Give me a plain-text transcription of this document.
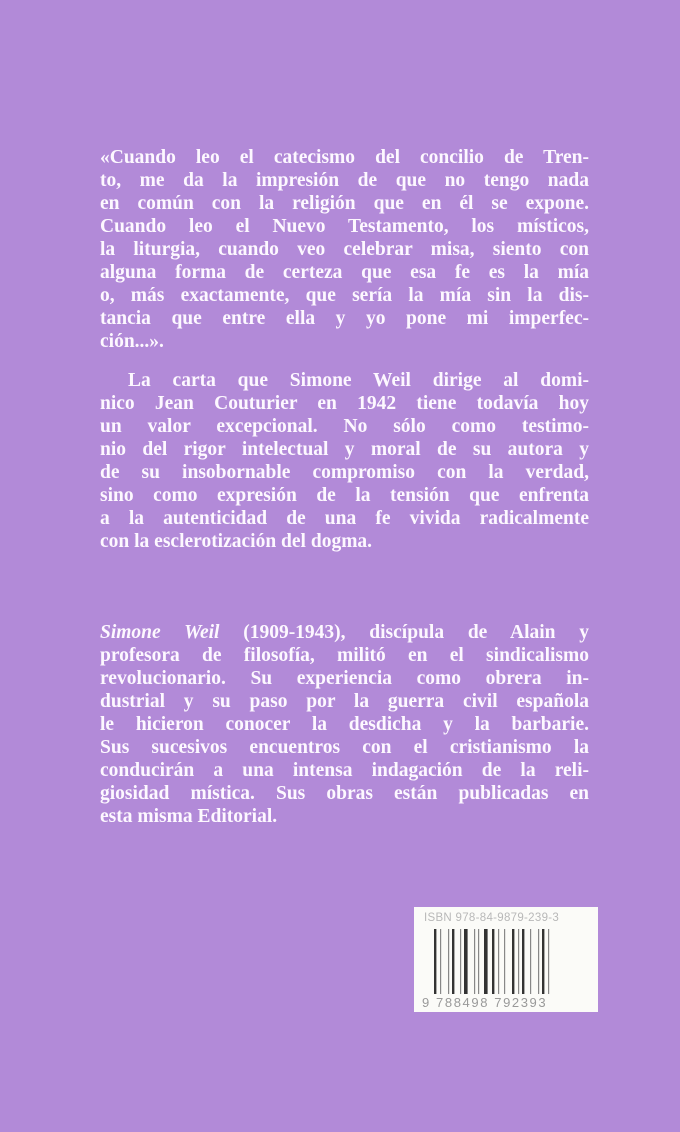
«Cuando leo el catecismo del concilio de Tren-
to, me da la impresión de que no tengo nada
en común con la religión que en él se expone.
Cuando leo el Nuevo Testamento, los místicos,
la liturgia, cuando veo celebrar misa, siento con
alguna forma de certeza que esa fe es la mía
o, más exactamente, que sería la mía sin la dis-
tancia que entre ella y yo pone mi imperfec-
ción...».
La carta que Simone Weil dirige al domi-
nico Jean Couturier en 1942 tiene todavía hoy
un valor excepcional. No sólo como testimo-
nio del rigor intelectual y moral de su autora y
de su insobornable compromiso con la verdad,
sino como expresión de la tensión que enfrenta
a la autenticidad de una fe vivida radicalmente
con la esclerotización del dogma.
Simone Weil (1909-1943), discípula de Alain y
profesora de filosofía, militó en el sindicalismo
revolucionario. Su experiencia como obrera in-
dustrial y su paso por la guerra civil española
le hicieron conocer la desdicha y la barbarie.
Sus sucesivos encuentros con el cristianismo la
conducirán a una intensa indagación de la reli-
giosidad mística. Sus obras están publicadas en
esta misma Editorial.
ISBN 978-84-9879-239-3
9 788498 792393
